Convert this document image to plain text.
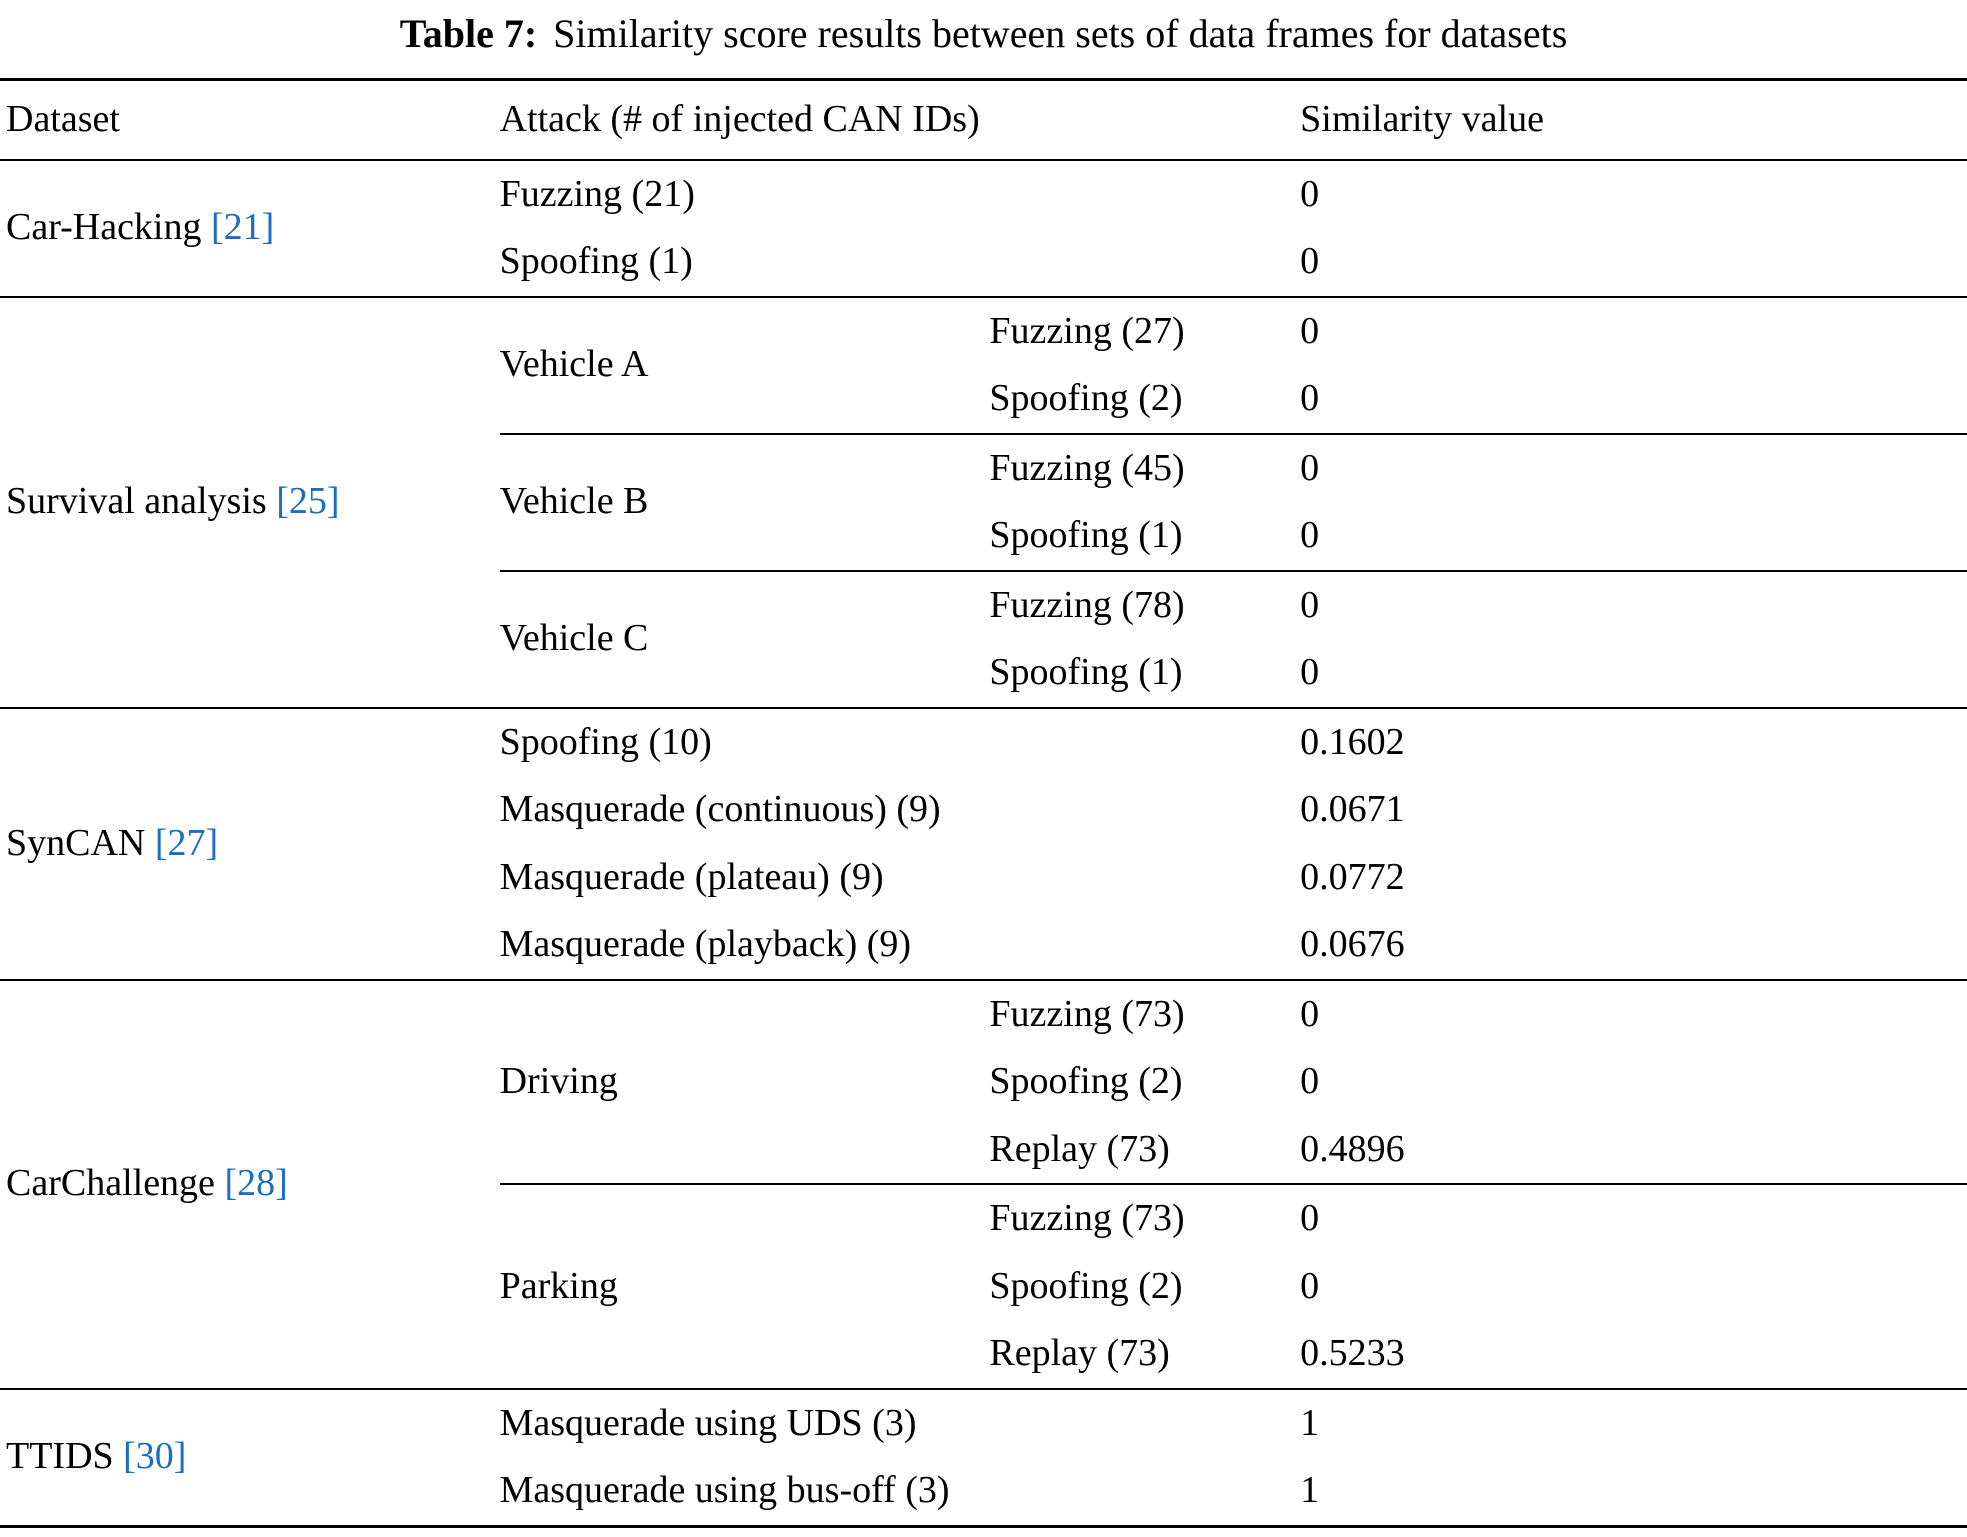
Table 7: Similarity score results between sets of data frames for datasets
Dataset	Attack (# of injected CAN IDs)		Similarity value
Car-Hacking [21]	Fuzzing (21)		0
	Spoofing (1)		0
Survival analysis [25]	Vehicle A	Fuzzing (27)	0
		Spoofing (2)	0
	Vehicle B	Fuzzing (45)	0
		Spoofing (1)	0
	Vehicle C	Fuzzing (78)	0
		Spoofing (1)	0
SynCAN [27]	Spoofing (10)		0.1602
	Masquerade (continuous) (9)		0.0671
	Masquerade (plateau) (9)		0.0772
	Masquerade (playback) (9)		0.0676
CarChallenge [28]	Driving	Fuzzing (73)	0
		Spoofing (2)	0
		Replay (73)	0.4896
	Parking	Fuzzing (73)	0
		Spoofing (2)	0
		Replay (73)	0.5233
TTIDS [30]	Masquerade using UDS (3)		1
	Masquerade using bus-off (3)		1
